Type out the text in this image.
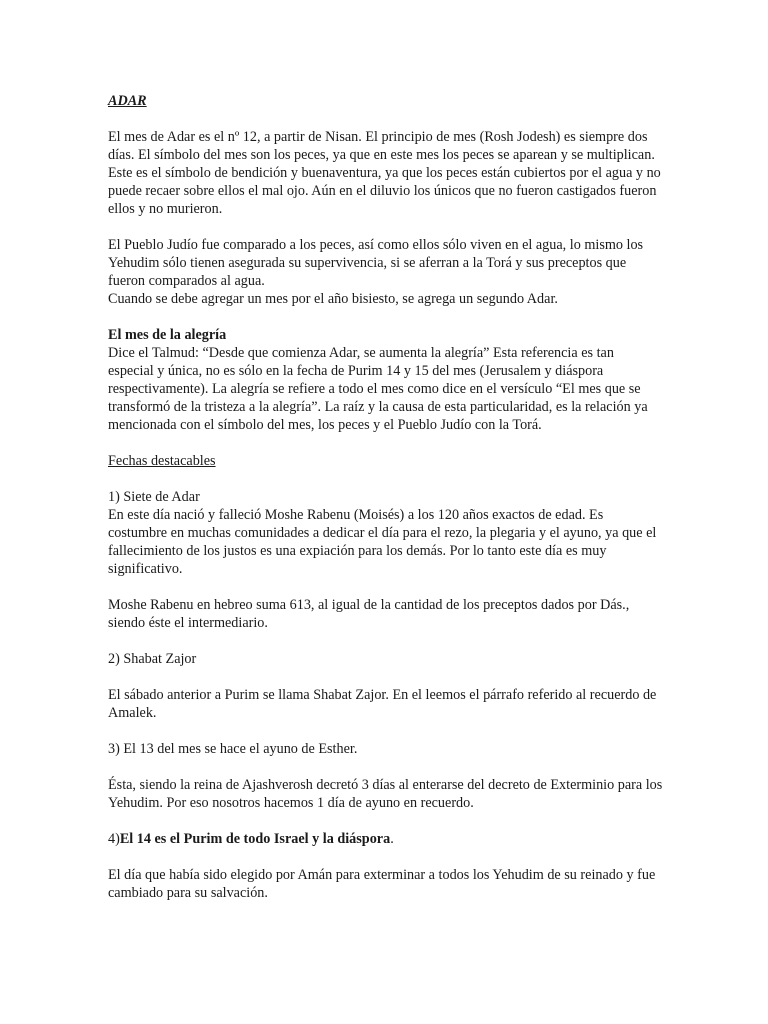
ADAR

El mes de Adar es el nº 12, a partir de Nisan. El principio de mes (Rosh Jodesh) es siempre dos días. El símbolo del mes son los peces, ya que en este mes los peces se aparean y se multiplican. Este es el símbolo de bendición y buenaventura, ya que los peces están cubiertos por el agua y no puede recaer sobre ellos el mal ojo. Aún en el diluvio los únicos que no fueron castigados fueron ellos y no murieron.

El Pueblo Judío fue comparado a los peces, así como ellos sólo viven en el agua, lo mismo los Yehudim sólo tienen asegurada su supervivencia, si se aferran a la Torá y sus preceptos que fueron comparados al agua.

Cuando se debe agregar un mes por el año bisiesto, se agrega un segundo Adar.

El mes de la alegría

Dice el Talmud: “Desde que comienza Adar, se aumenta la alegría” Esta referencia es tan especial y única, no es sólo en la fecha de Purim 14 y 15 del mes (Jerusalem y diáspora respectivamente). La alegría se refiere a todo el mes como dice en el versículo “El mes que se transformó de la tristeza a la alegría”. La raíz y la causa de esta particularidad, es la relación ya mencionada con el símbolo del mes, los peces y el Pueblo Judío con la Torá.

Fechas destacables

1) Siete de Adar

En este día nació y falleció Moshe Rabenu (Moisés) a los 120 años exactos de edad. Es costumbre en muchas comunidades a dedicar el día para el rezo, la plegaria y el ayuno, ya que el fallecimiento de los justos es una expiación para los demás. Por lo tanto este día es muy significativo.

Moshe Rabenu en hebreo suma 613, al igual de la cantidad de los preceptos dados por Dás., siendo éste el intermediario.

2) Shabat Zajor

El sábado anterior a Purim se llama Shabat Zajor. En el leemos el párrafo referido al recuerdo de Amalek.

3) El 13 del mes se hace el ayuno de Esther.

Ésta, siendo la reina de Ajashverosh decretó 3 días al enterarse del decreto de Exterminio para los Yehudim. Por eso nosotros hacemos 1 día de ayuno en recuerdo.

4)El 14 es el Purim de todo Israel y la diáspora.

El día que había sido elegido por Amán para exterminar a todos los Yehudim de su reinado y fue cambiado para su salvación.
